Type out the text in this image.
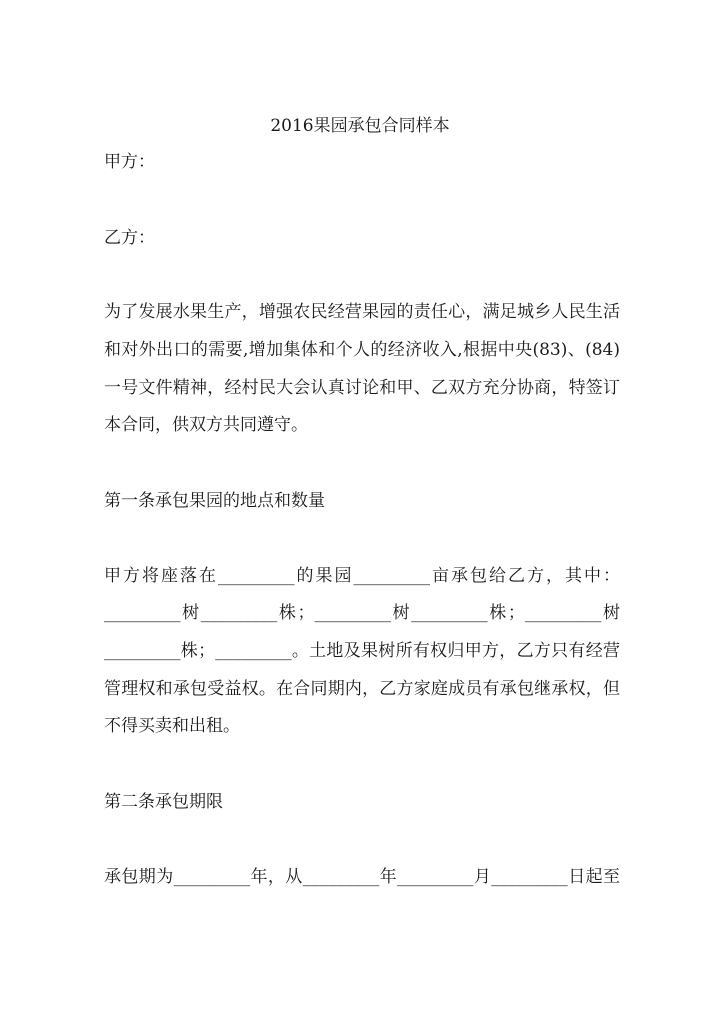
2016果园承包合同样本

甲方：

乙方：

为了发展水果生产，增强农民经营果园的责任心，满足城乡人民生活

和对外出口的需要,增加集体和个人的经济收入,根据中央(83)、(84)

一号文件精神，经村民大会认真讨论和甲、乙双方充分协商，特签订

本合同，供双方共同遵守。

第一条承包果园的地点和数量

甲方将座落在_________的果园_________亩承包给乙方，其中：

_________树_________株；_________树_________株；_________树

_________株；_________。土地及果树所有权归甲方，乙方只有经营

管理权和承包受益权。在合同期内，乙方家庭成员有承包继承权，但

不得买卖和出租。

第二条承包期限

承包期为_________年，从_________年_________月_________日起至
